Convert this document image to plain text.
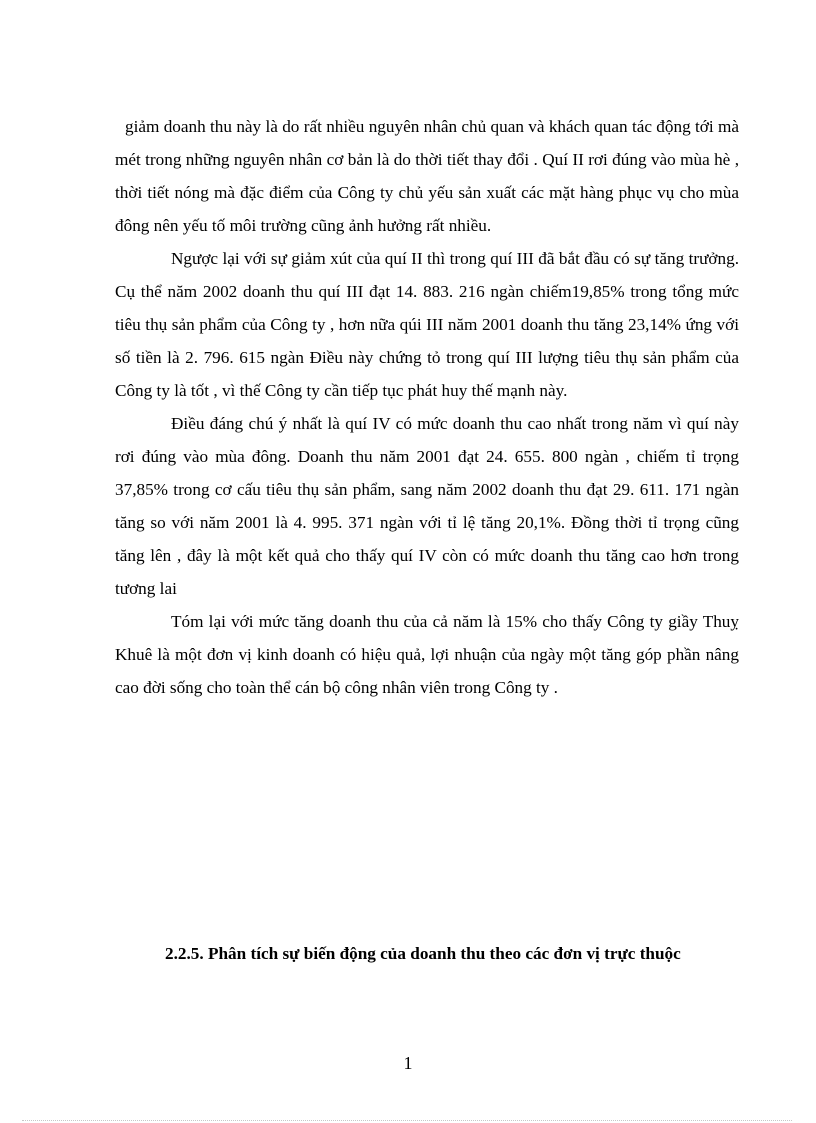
giảm doanh thu này là do rất nhiều nguyên nhân chủ quan và khách quan tác động tới mà mét trong những nguyên nhân cơ bản là do thời tiết thay đổi . Quí II rơi đúng vào mùa hè , thời tiết nóng mà đặc điểm của Công ty chủ yếu sản xuất các mặt hàng phục vụ cho mùa đông nên yếu tố môi trường cũng ảnh hưởng rất nhiều.

Ngược lại với sự giảm xút của quí II thì trong quí III đã bắt đầu có sự tăng trưởng. Cụ thể năm 2002 doanh thu quí III đạt 14. 883. 216 ngàn chiếm19,85% trong tổng mức tiêu thụ sản phẩm của Công ty , hơn nữa qúi III năm 2001 doanh thu tăng 23,14% ứng với số tiền là 2. 796. 615 ngàn Điều này chứng tỏ trong quí III lượng tiêu thụ sản phẩm của Công ty là tốt , vì thế Công ty cần tiếp tục phát huy thế mạnh này.

Điều đáng chú ý nhất là quí IV có mức doanh thu cao nhất trong năm vì quí này rơi đúng vào mùa đông. Doanh thu năm 2001 đạt 24. 655. 800 ngàn , chiếm tỉ trọng 37,85% trong cơ cấu tiêu thụ sản phẩm, sang năm 2002 doanh thu đạt 29. 611. 171 ngàn tăng so với năm 2001 là 4. 995. 371 ngàn với tỉ lệ tăng 20,1%. Đồng thời tỉ trọng cũng tăng lên , đây là một kết quả cho thấy quí IV còn có mức doanh thu tăng cao hơn trong tương lai

Tóm lại với mức tăng doanh thu của cả năm là 15% cho thấy Công ty giầy Thuỵ Khuê là một đơn vị kinh doanh có hiệu quả, lợi nhuận của ngày một tăng góp phần nâng cao đời sống cho toàn thể cán bộ công nhân viên trong Công ty .

2.2.5. Phân tích sự biến động của doanh thu theo các đơn vị trực thuộc

1
